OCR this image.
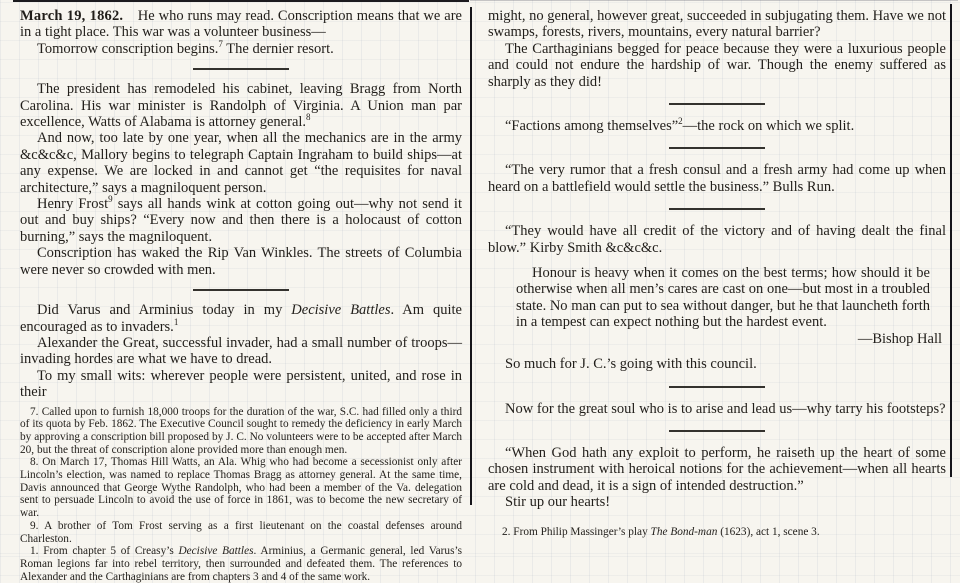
March 19, 1862.  He who runs may read. Conscription means that we are in a tight place. This war was a volunteer business—

Tomorrow conscription begins.$^7$ The dernier resort.

The president has remodeled his cabinet, leaving Bragg from North Carolina. His war minister is Randolph of Virginia. A Union man par excellence, Watts of Alabama is attorney general.$^8$

And now, too late by one year, when all the mechanics are in the army &c&c&c, Mallory begins to telegraph Captain Ingraham to build ships—at any expense. We are locked in and cannot get “the requisites for naval architecture,” says a magniloquent person.

Henry Frost$^9$ says all hands wink at cotton going out—why not send it out and buy ships? “Every now and then there is a holocaust of cotton burning,” says the magniloquent.

Conscription has waked the Rip Van Winkles. The streets of Columbia were never so crowded with men.

Did Varus and Arminius today in my Decisive Battles. Am quite encouraged as to invaders.$^1$

Alexander the Great, successful invader, had a small number of troops—invading hordes are what we have to dread.

To my small wits: wherever people were persistent, united, and rose in their

7. Called upon to furnish 18,000 troops for the duration of the war, S.C. had filled only a third of its quota by Feb. 1862. The Executive Council sought to remedy the deficiency in early March by approving a conscription bill proposed by J. C. No volunteers were to be accepted after March 20, but the threat of conscription alone provided more than enough men.

8. On March 17, Thomas Hill Watts, an Ala. Whig who had become a secessionist only after Lincoln’s election, was named to replace Thomas Bragg as attorney general. At the same time, Davis announced that George Wythe Randolph, who had been a member of the Va. delegation sent to persuade Lincoln to avoid the use of force in 1861, was to become the new secretary of war.

9. A brother of Tom Frost serving as a first lieutenant on the coastal defenses around Charleston.

1. From chapter 5 of Creasy’s Decisive Battles. Arminius, a Germanic general, led Varus’s Roman legions far into rebel territory, then surrounded and defeated them. The references to Alexander and the Carthaginians are from chapters 3 and 4 of the same work.

might, no general, however great, succeeded in subjugating them. Have we not swamps, forests, rivers, mountains, every natural barrier?

The Carthaginians begged for peace because they were a luxurious people and could not endure the hardship of war. Though the enemy suffered as sharply as they did!

“Factions among themselves”$^2$—the rock on which we split.

“The very rumor that a fresh consul and a fresh army had come up when heard on a battlefield would settle the business.” Bulls Run.

“They would have all credit of the victory and of having dealt the final blow.” Kirby Smith &c&c&c.

Honour is heavy when it comes on the best terms; how should it be otherwise when all men’s cares are cast on one—but most in a troubled state. No man can put to sea without danger, but he that launcheth forth in a tempest can expect nothing but the hardest event.

—Bishop Hall

So much for J. C.’s going with this council.

Now for the great soul who is to arise and lead us—why tarry his footsteps?

“When God hath any exploit to perform, he raiseth up the heart of some chosen instrument with heroical notions for the achievement—when all hearts are cold and dead, it is a sign of intended destruction.”

Stir up our hearts!

2. From Philip Massinger’s play The Bond-man (1623), act 1, scene 3.
